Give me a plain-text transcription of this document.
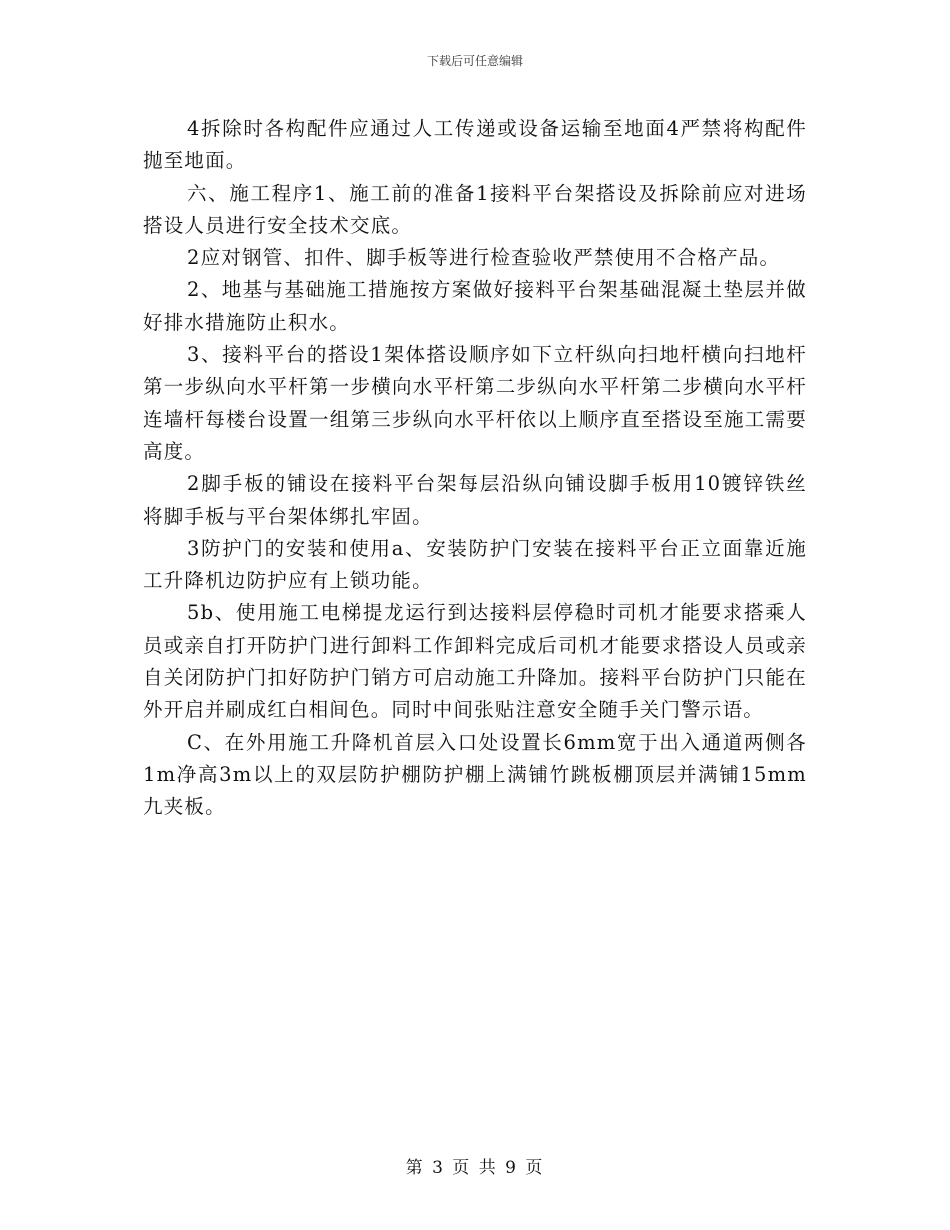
下载后可任意编辑

4拆除时各构配件应通过人工传递或设备运输至地面4严禁将构配件抛至地面。

六、施工程序1、施工前的准备1接料平台架搭设及拆除前应对进场搭设人员进行安全技术交底。

2应对钢管、扣件、脚手板等进行检查验收严禁使用不合格产品。

2、地基与基础施工措施按方案做好接料平台架基础混凝土垫层并做好排水措施防止积水。

3、接料平台的搭设1架体搭设顺序如下立杆纵向扫地杆横向扫地杆第一步纵向水平杆第一步横向水平杆第二步纵向水平杆第二步横向水平杆连墙杆每楼台设置一组第三步纵向水平杆依以上顺序直至搭设至施工需要高度。

2脚手板的铺设在接料平台架每层沿纵向铺设脚手板用10镀锌铁丝将脚手板与平台架体绑扎牢固。

3防护门的安装和使用a、安装防护门安装在接料平台正立面靠近施工升降机边防护应有上锁功能。

5b、使用施工电梯提龙运行到达接料层停稳时司机才能要求搭乘人员或亲自打开防护门进行卸料工作卸料完成后司机才能要求搭设人员或亲自关闭防护门扣好防护门销方可启动施工升降加。接料平台防护门只能在外开启并刷成红白相间色。同时中间张贴注意安全随手关门警示语。

C、在外用施工升降机首层入口处设置长6mm宽于出入通道两侧各1m净高3m以上的双层防护棚防护棚上满铺竹跳板棚顶层并满铺15mm九夹板。

第 3 页 共 9 页
